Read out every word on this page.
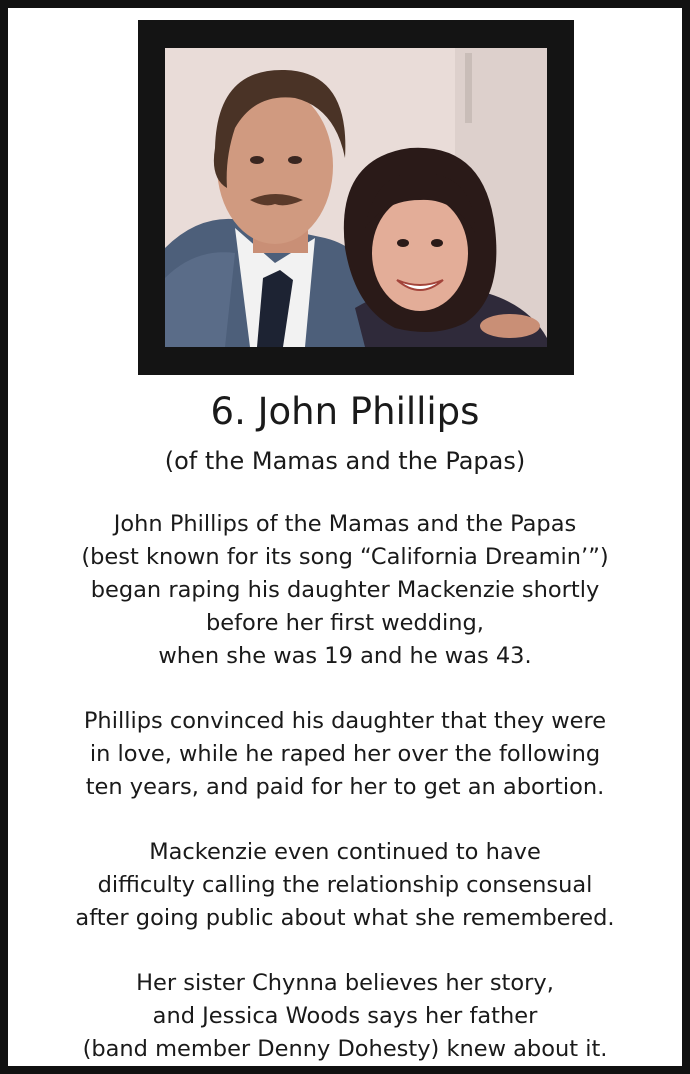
6. John Phillips
(of the Mamas and the Papas)

John Phillips of the Mamas and the Papas
(best known for its song “California Dreamin’”)
began raping his daughter Mackenzie shortly
before her first wedding,
when she was 19 and he was 43.

Phillips convinced his daughter that they were
in love, while he raped her over the following
ten years, and paid for her to get an abortion.

Mackenzie even continued to have
difficulty calling the relationship consensual
after going public about what she remembered.

Her sister Chynna believes her story,
and Jessica Woods says her father
(band member Denny Dohesty) knew about it.
